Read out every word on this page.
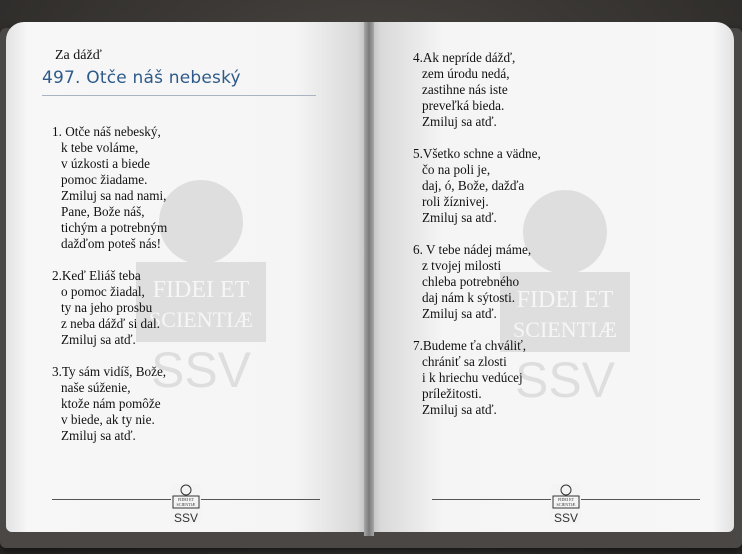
FIDEI ET
SCIENTIÆ
SSV
Za dážď
497. Otče náš nebeský
1. Otče náš nebeský,
k tebe voláme,
v úzkosti a biede
pomoc žiadame.
Zmiluj sa nad nami,
Pane, Bože náš,
tichým a potrebným
dažďom poteš nás!
2.Keď Eliáš teba
o pomoc žiadal,
ty na jeho prosbu
z neba dážď si dal.
Zmiluj sa atď.
3.Ty sám vidíš, Bože,
naše súženie,
ktože nám pomôže
v biede, ak ty nie.
Zmiluj sa atď.
FIDEI ET
SCIENTIÆ
SSV
FIDEI ET
SCIENTIÆ
SSV
4.Ak nepríde dážď,
zem úrodu nedá,
zastihne nás iste
preveľká bieda.
Zmiluj sa atď.
5.Všetko schne a vädne,
čo na poli je,
daj, ó, Bože, dažďa
roli žíznivej.
Zmiluj sa atď.
6. V tebe nádej máme,
z tvojej milosti
chleba potrebného
daj nám k sýtosti.
Zmiluj sa atď.
7.Budeme ťa chváliť,
chrániť sa zlosti
i k hriechu vedúcej
príležitosti.
Zmiluj sa atď.
FIDEI ET
SCIENTIÆ
SSV
